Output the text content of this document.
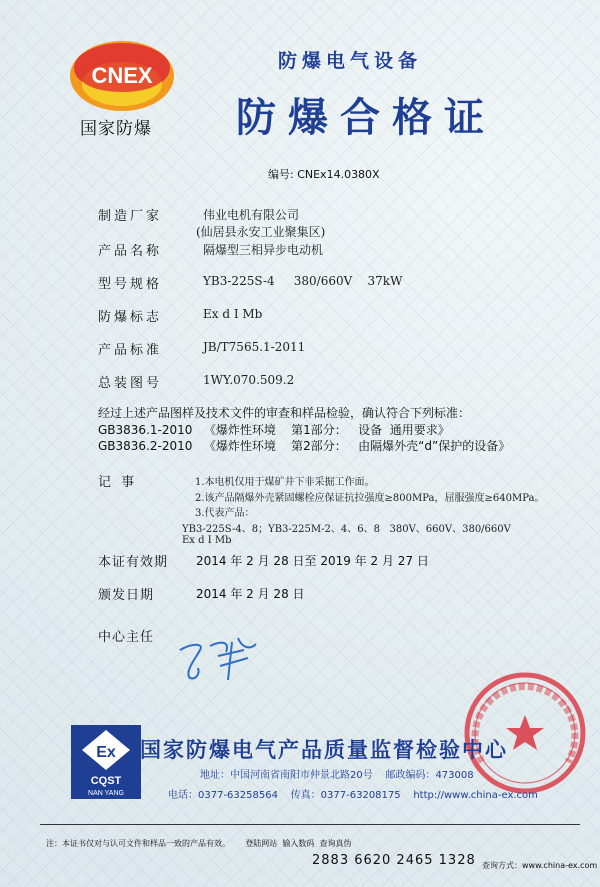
CNEX
国家防爆
防爆电气设备
防爆合格证
编号: CNEx14.0380X
制造厂家	伟业电机有限公司
(仙居县永安工业聚集区)
产品名称	隔爆型三相异步电动机
型号规格	YB3-225S-4     380/660V    37kW
防爆标志	Ex d I Mb
产品标准	JB/T7565.1-2011
总装图号	1WY.070.509.2
经过上述产品图样及技术文件的审查和样品检验，确认符合下列标准：
GB3836.1-2010   《爆炸性环境    第1部分：   设备  通用要求》
GB3836.2-2010   《爆炸性环境    第2部分：   由隔爆外壳“d”保护的设备》
记 事	1.本电机仅用于煤矿井下非采掘工作面。
2.该产品隔爆外壳紧固螺栓应保证抗拉强度≥800MPa，屈服强度≥640MPa。
3.代表产品：
YB3-225S-4、8；YB3-225M-2、4、6、8   380V、660V、380/660V
Ex d I Mb
本证有效期 2014 年 2 月 28 日至 2019 年 2 月 27 日
颁发日期	2014 年 2 月 28 日
中心主任
Ex
CQST
NAN YANG
国家防爆电气产品质量监督检验中心
地址：中国河南省南阳市仲景北路20号    邮政编码：473008
电话：0377-63258564    传真：0377-63208175    http://www.china-ex.com
注：本证书仅对与认可文件和样品一致的产品有效。      登陆网站  输入数码  查询真伪
2883 6620 2465 1328 查询方式：www.china-ex.com
